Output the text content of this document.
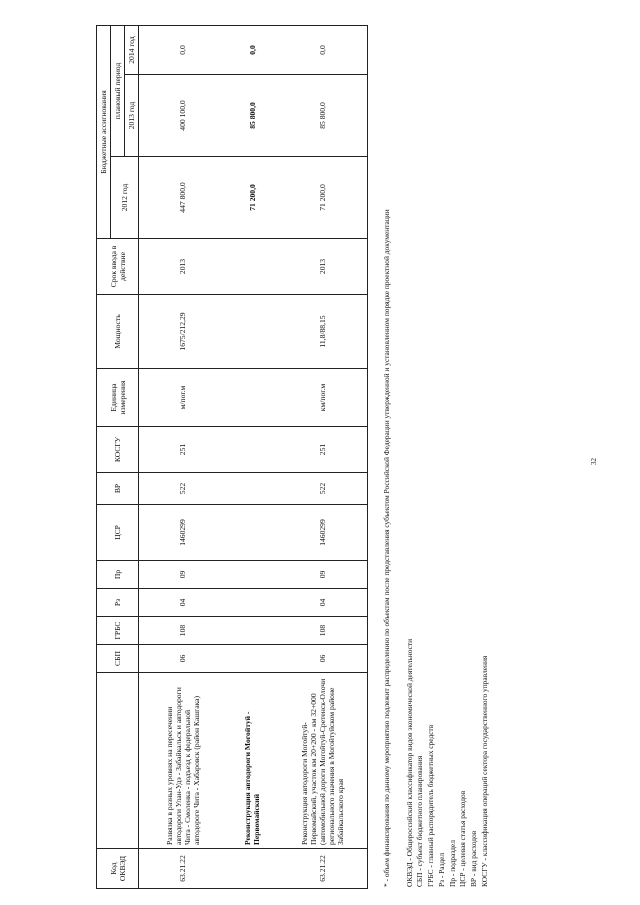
Код ОКВЭД		СБП	ГРБС	Рз	Пр	ЦСР	ВР	КОСГУ	Единица измерения	Мощность	Срок ввода в действие	Бюджетные ассигнования		
												2012 год	плановый период	
													2013 год	2014 год
63.21.22	Развязка в разных уровнях на пересечении автодороги Улан-Удэ - Забайкальск и автодороги Чита - Смоленка - подъезд к федеральной автодороге Чита - Хабаровск (район Кашгака)	06	108	04	09	1460299	522	251	м/пог.м	1675/212,29	2013	447 800,0	400 100,0	0,0
	Реконструкция автодороги Могойтуй - Первомайский											71 200,0	85 800,0	0,0
63.21.22	Реконструкция автодороги Могойтуй-Первомайский, участок км 20+200 - км 32+000 (автомобильной дороги Могойтуй-Сретенск-Олочи регионального значения в Могойтуйском районе Забайкальского края	06	108	04	09	1460299	522	251	км/пог.м	11,8/88,15	2013	71 200,0	85 800,0	0,0

* - объем финансирования по данному мероприятию подлежит распределению по объектам после представления субъектом Российской Федерации утвержденной и установленном порядке проектной документации ОКВЭД - Общероссийский классификатор видов экономической деятельности СБП - субъект бюджетного планирования ГРБС - главный распорядитель бюджетных средств Рз - Раздел Пр - подраздел ЦСР - целевая статья расходов ВР - вид расходов КОСГУ - классификация операций сектора государственного управления

32
